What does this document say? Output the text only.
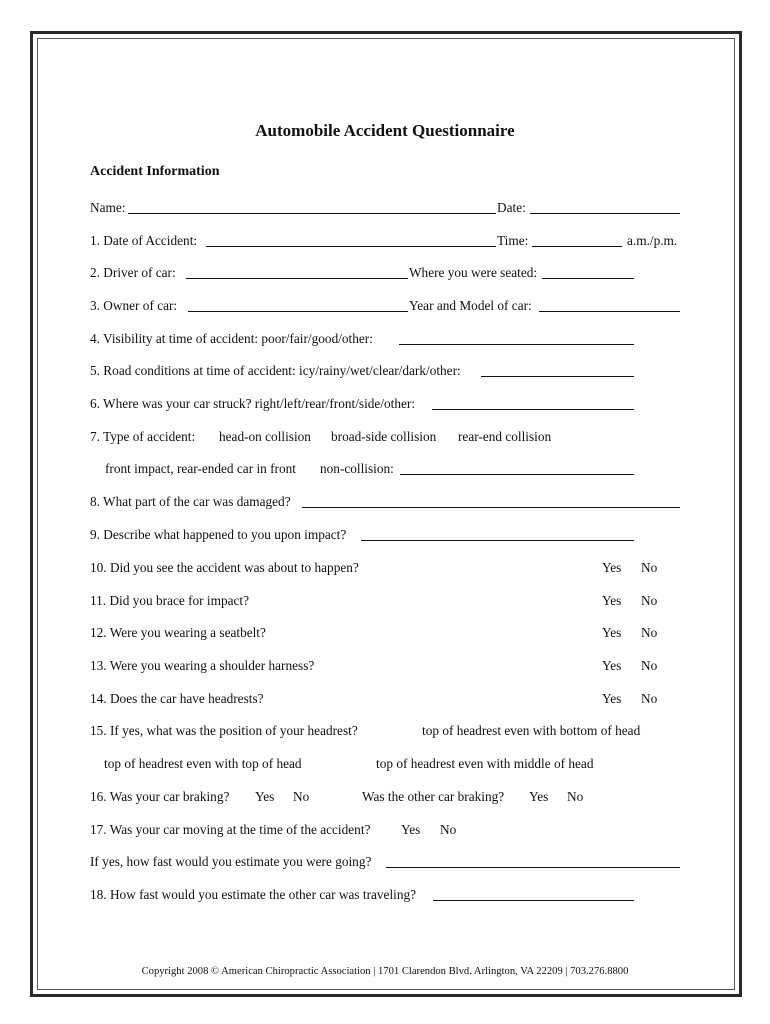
Automobile Accident Questionnaire
Accident Information
Name:	Date:
1. Date of Accident:	Time:	a.m./p.m.
2. Driver of car:	Where you were seated:
3. Owner of car:	Year and Model of car:
4. Visibility at time of accident: poor/fair/good/other:
5. Road conditions at time of accident: icy/rainy/wet/clear/dark/other:
6. Where was your car struck? right/left/rear/front/side/other:
7. Type of accident: head-on collision broad-side collision rear-end collision
front impact, rear-ended car in front non-collision:
8. What part of the car was damaged?
9. Describe what happened to you upon impact?
10. Did you see the accident was about to happen?	Yes No
11. Did you brace for impact?	Yes No
12. Were you wearing a seatbelt?	Yes No
13. Were you wearing a shoulder harness?	Yes No
14. Does the car have headrests?	Yes No
15. If yes, what was the position of your headrest?	top of headrest even with bottom of head
top of headrest even with top of head	top of headrest even with middle of head
16. Was your car braking? Yes No	Was the other car braking? Yes No
17. Was your car moving at the time of the accident? Yes No
If yes, how fast would you estimate you were going?
18. How fast would you estimate the other car was traveling?
Copyright 2008 © American Chiropractic Association | 1701 Clarendon Blvd. Arlington, VA 22209 | 703.276.8800
